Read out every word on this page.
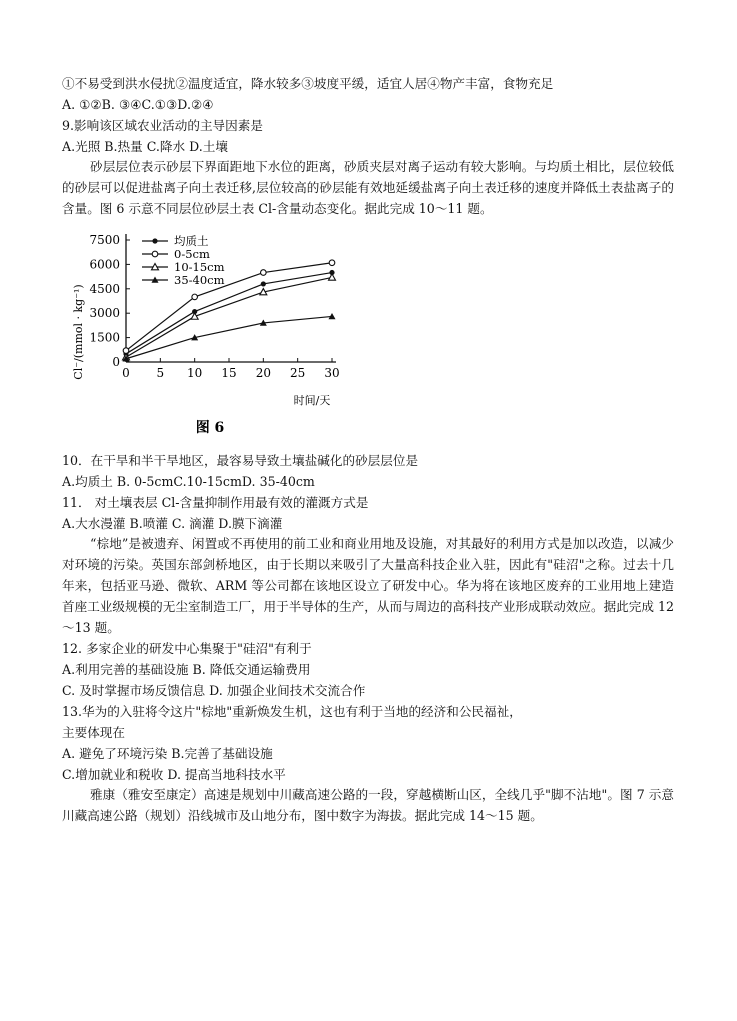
①不易受到洪水侵扰②温度适宜，降水较多③坡度平缓，适宜人居④物产丰富，食物充足
A. ①②B. ③④C.①③D.②④
9.影响该区域农业活动的主导因素是
A.光照 B.热量 C.降水 D.土壤
砂层层位表示砂层下界面距地下水位的距离，砂质夹层对离子运动有较大影响。与均质土相比，层位较低的砂层可以促进盐离子向土表迁移,层位较高的砂层能有效地延缓盐离子向土表迁移的速度并降低土表盐离子的含量。图 6 示意不同层位砂层土表 Cl-含量动态变化。据此完成 10～11 题。
0 5 10 15 20 25 30
0
1500
3000
4500
6000
7500	均质土
0-5cm
10-15cm
35-40cm
Cl⁻/(mmol · kg⁻¹)
时间/天
图 6
10．在干旱和半干旱地区，最容易导致土壤盐碱化的砂层层位是
A.均质土 B. 0-5cmC.10-15cmD. 35-40cm
11． 对土壤表层 Cl-含量抑制作用最有效的灌溉方式是
A.大水漫灌 B.喷灌 C. 滴灌 D.膜下滴灌
“棕地”是被遗弃、闲置或不再使用的前工业和商业用地及设施，对其最好的利用方式是加以改造，以减少对环境的污染。英国东部剑桥地区，由于长期以来吸引了大量高科技企业入驻，因此有"硅沼"之称。过去十几年来，包括亚马逊、微软、ARM 等公司都在该地区设立了研发中心。华为将在该地区废弃的工业用地上建造首座工业级规模的无尘室制造工厂，用于半导体的生产，从而与周边的高科技产业形成联动效应。据此完成 12 ～13 题。
12. 多家企业的研发中心集聚于"硅沼"有利于
A.利用完善的基础设施 B. 降低交通运输费用
C. 及时掌握市场反馈信息 D. 加强企业间技术交流合作
13.华为的入驻将令这片"棕地"重新焕发生机，这也有利于当地的经济和公民福祉，
主要体现在
A. 避免了环境污染 B.完善了基础设施
C.增加就业和税收 D. 提高当地科技水平
雅康（雅安至康定）高速是规划中川藏高速公路的一段，穿越横断山区，全线几乎"脚不沾地"。图 7 示意川藏高速公路（规划）沿线城市及山地分布，图中数字为海拔。据此完成 14～15 题。
